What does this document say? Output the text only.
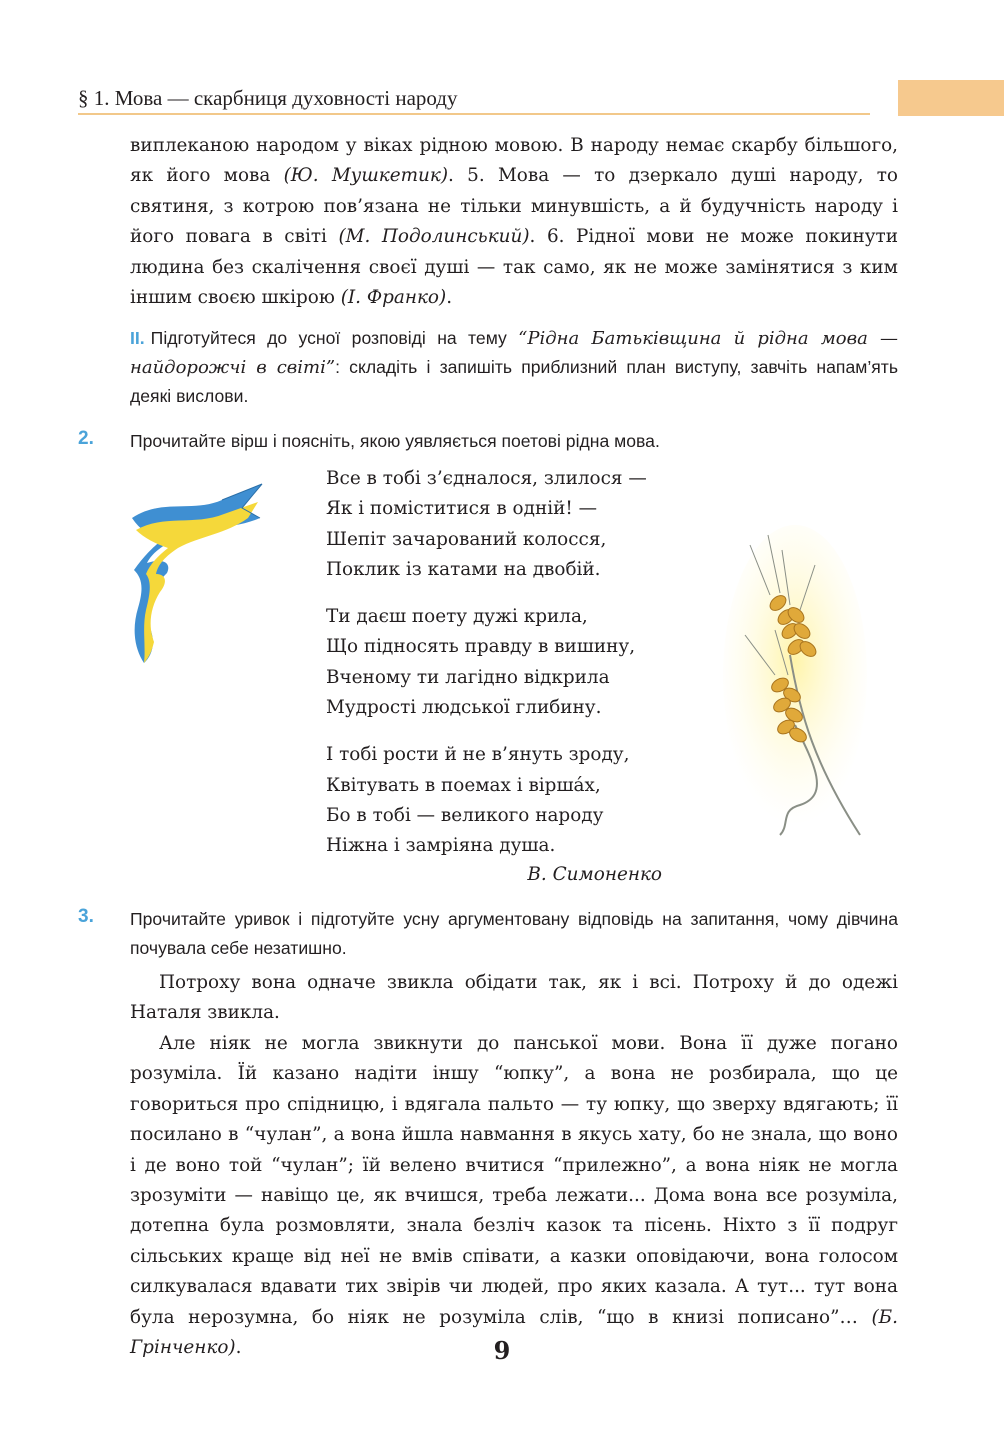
§ 1. Мова — скарбниця духовності народу

виплеканою народом у віках рідною мовою. В народу немає скарбу більшого, як його мова (Ю. Мушкетик). 5. Мова — то дзеркало душі народу, то святиня, з котрою пов’язана не тільки минувшість, а й будучність народу і його повага в світі (М. Подолинський). 6. Рідної мови не може покинути людина без скалічення своєї душі — так само, як не може замінятися з ким іншим своєю шкірою (І. Франко).

II. Підготуйтеся до усної розповіді на тему “Рідна Батьківщина й рідна мова — найдорожчі в світі”: складіть і запишіть приблизний план виступу, завчіть напам’ять деякі вислови.

2. Прочитайте вірш і поясніть, якою уявляється поетові рідна мова.

Все в тобі з’єдналося, злилося —
Як і поміститися в одній! —
Шепіт зачарований колосся,
Поклик із катами на двобій.
Ти даєш поету дужі крила,
Що підносять правду в вишину,
Вченому ти лагідно відкрила
Мудрості людської глибину.
І тобі рости й не в’януть зроду,
Квітувать в поемах і віршáх,
Бо в тобі — великого народу
Ніжна і замріяна душа.
В. Симоненко
3. Прочитайте уривок і підготуйте усну аргументовану відповідь на запитання, чому дівчина почувала себе незатишно.

Потроху вона одначе звикла обідати так, як і всі. Потроху й до одежі Наталя звикла.

Але ніяк не могла звикнути до панської мови. Вона її дуже погано розуміла. Їй казано надіти іншу “юпку”, а вона не розбирала, що це говориться про спідницю, і вдягала пальто — ту юпку, що зверху вдягають; її посилано в “чулан”, а вона йшла навмання в якусь хату, бо не знала, що воно і де воно той “чулан”; їй велено вчитися “прилежно”, а вона ніяк не могла зрозуміти — навіщо це, як вчишся, треба лежати... Дома вона все розуміла, дотепна була розмовляти, знала безліч казок та пісень. Ніхто з її подруг сільських краще від неї не вмів співати, а казки оповідаючи, вона голосом силкувалася вдавати тих звірів чи людей, про яких казала. А тут... тут вона була нерозумна, бо ніяк не розуміла слів, “що в книзі пописано”… (Б. Грінченко).	9
